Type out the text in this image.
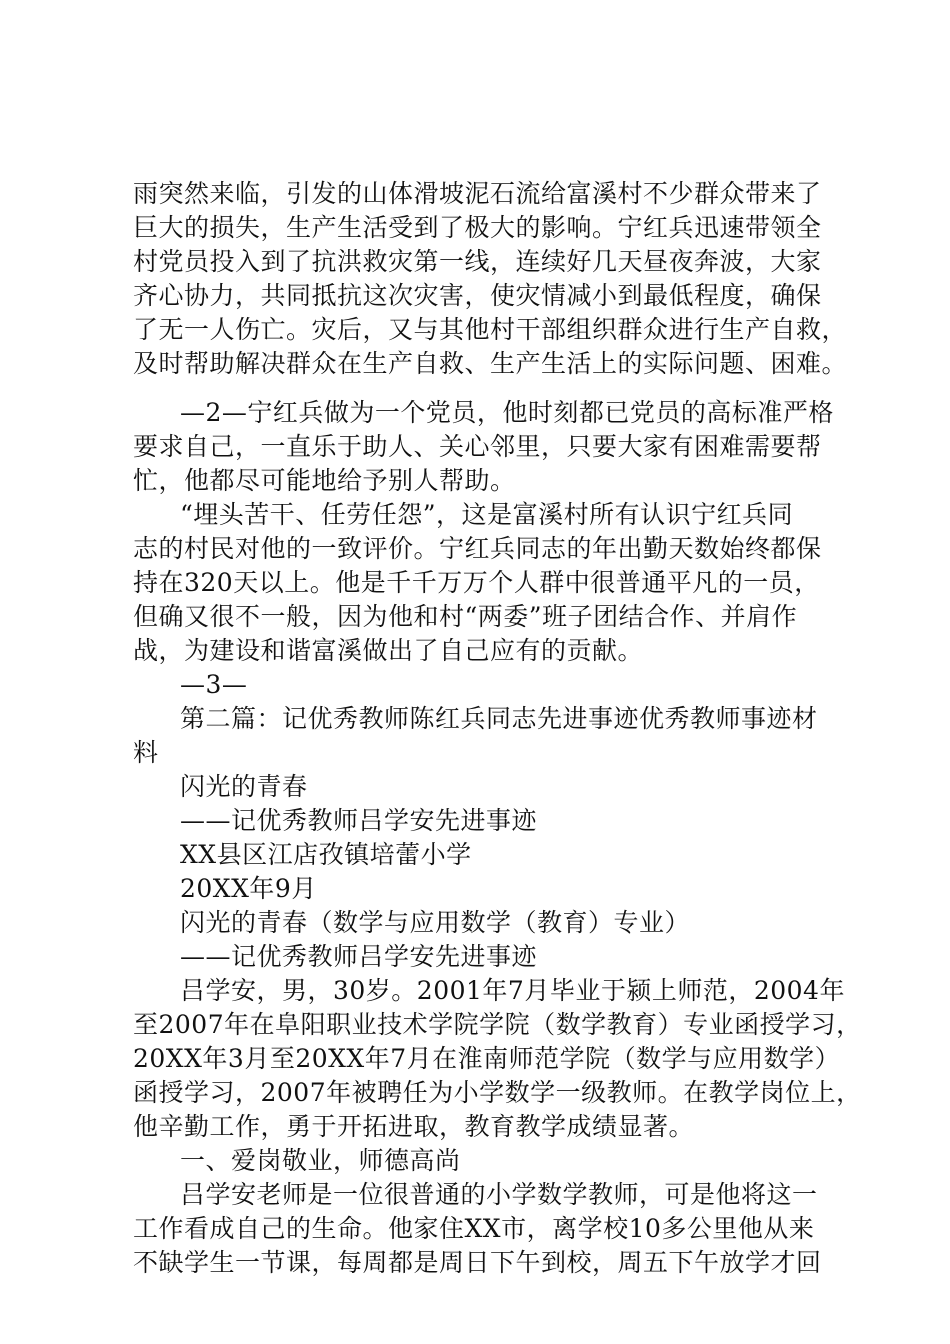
雨突然来临，引发的山体滑坡泥石流给富溪村不少群众带来了
巨大的损失，生产生活受到了极大的影响。宁红兵迅速带领全
村党员投入到了抗洪救灾第一线，连续好几天昼夜奔波，大家
齐心协力，共同抵抗这次灾害，使灾情减小到最低程度，确保
了无一人伤亡。灾后，又与其他村干部组织群众进行生产自救，
及时帮助解决群众在生产自救、生产生活上的实际问题、困难。
—2—宁红兵做为一个党员，他时刻都已党员的高标准严格
要求自己，一直乐于助人、关心邻里，只要大家有困难需要帮
忙，他都尽可能地给予别人帮助。
“埋头苦干、任劳任怨”，这是富溪村所有认识宁红兵同
志的村民对他的一致评价。宁红兵同志的年出勤天数始终都保
持在320天以上。他是千千万万个人群中很普通平凡的一员，
但确又很不一般，因为他和村“两委”班子团结合作、并肩作
战，为建设和谐富溪做出了自己应有的贡献。
—3—
第二篇：记优秀教师陈红兵同志先进事迹优秀教师事迹材
料
闪光的青春
——记优秀教师吕学安先进事迹
XX县区江店孜镇培蕾小学
20XX年9月
闪光的青春（数学与应用数学（教育）专业）
——记优秀教师吕学安先进事迹
吕学安，男，30岁。2001年7月毕业于颍上师范，2004年
至2007年在阜阳职业技术学院学院（数学教育）专业函授学习，
20XX年3月至20XX年7月在淮南师范学院（数学与应用数学）
函授学习，2007年被聘任为小学数学一级教师。在教学岗位上，
他辛勤工作，勇于开拓进取，教育教学成绩显著。
一、爱岗敬业，师德高尚
吕学安老师是一位很普通的小学数学教师，可是他将这一
工作看成自己的生命。他家住XX市，离学校10多公里他从来
不缺学生一节课，每周都是周日下午到校，周五下午放学才回
